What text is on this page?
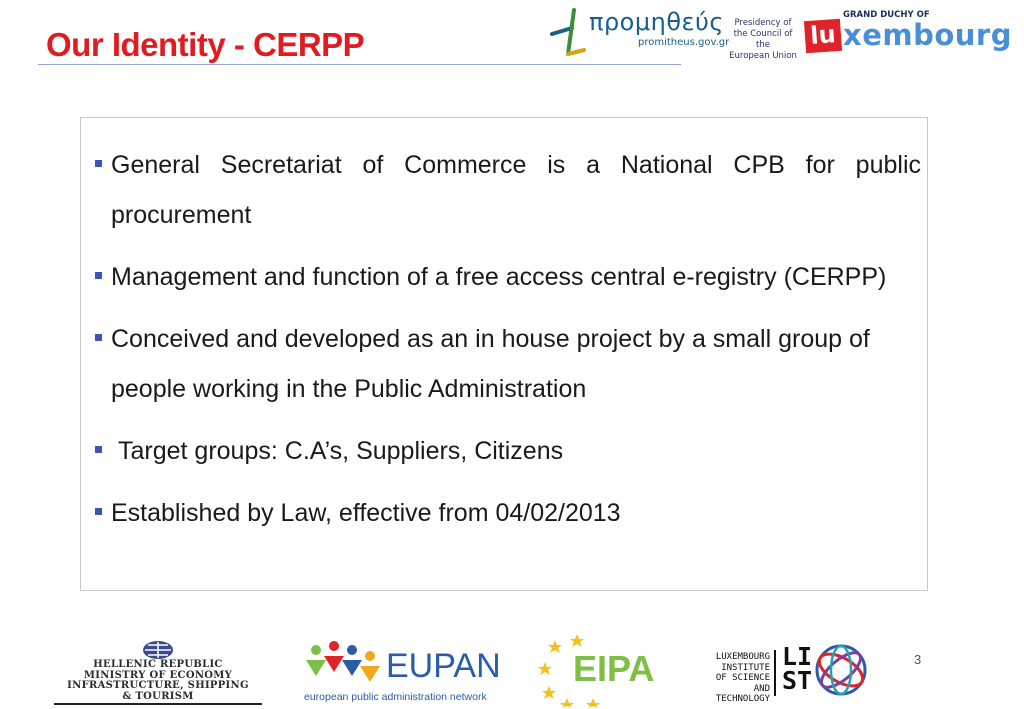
Our Identity - CERPP
προμηθεύς
promitheus.gov.gr
Presidency of
the Council of the
European Union
GRAND DUCHY OF
lu xembourg
General Secretariat of Commerce is a National CPB for public procurement
Management and function of a free access central e-registry (CERPP)
Conceived and developed as an in house project by a small group of people working in the Public Administration
Target groups: C.A’s, Suppliers, Citizens
Established by Law, effective from 04/02/2013
HELLENIC REPUBLIC
MINISTRY OF ECONOMY
INFRASTRUCTURE, SHIPPING
& TOURISM
EUPAN
european public administration network
EIPA	LUXEMBOURG
INSTITUTE
OF SCIENCE
AND TECHNOLOGY
LI
ST
3
